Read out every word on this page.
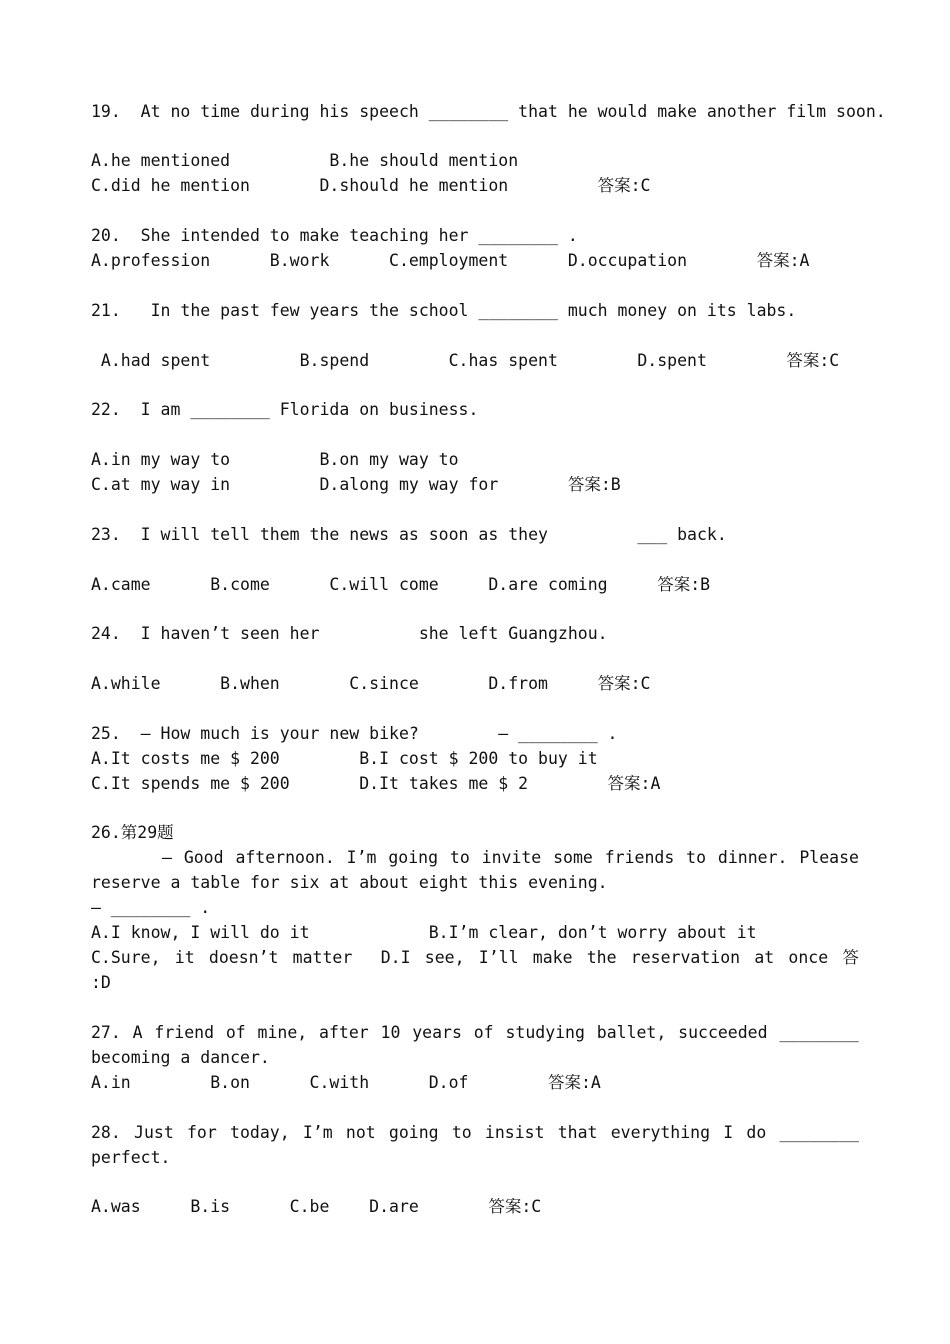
19.  At no time during his speech ________ that he would make another film soon.
A.he mentioned          B.he should mention
C.did he mention       D.should he mention         答案:C
20.  She intended to make teaching her ________ .
A.profession      B.work      C.employment      D.occupation       答案:A
21.   In the past few years the school ________ much money on its labs.
A.had spent         B.spend        C.has spent        D.spent        答案:C
22.  I am ________ Florida on business.
A.in my way to         B.on my way to
C.at my way in         D.along my way for       答案:B
23.  I will tell them the news as soon as they         ___ back.
A.came      B.come      C.will come     D.are coming     答案:B
24.  I haven’t seen her          she left Guangzhou.
A.while      B.when       C.since       D.from     答案:C
25.  — How much is your new bike?        — ________ .
A.It costs me $ 200        B.I cost $ 200 to buy it
C.It spends me $ 200       D.It takes me $ 2        答案:A
26.第29题
— Good afternoon. I’m going to invite some friends to dinner. Please
reserve a table for six at about eight this evening.
— ________ .
A.I know, I will do it            B.I’m clear, don’t worry about it
C.Sure, it doesn’t matter D.I see, I’ll make the reservation at once 答
:D
27. A friend of mine, after 10 years of studying ballet, succeeded ________
becoming a dancer.
A.in        B.on      C.with      D.of        答案:A
28. Just for today, I’m not going to insist that everything I do ________
perfect.
A.was     B.is      C.be    D.are       答案:C
